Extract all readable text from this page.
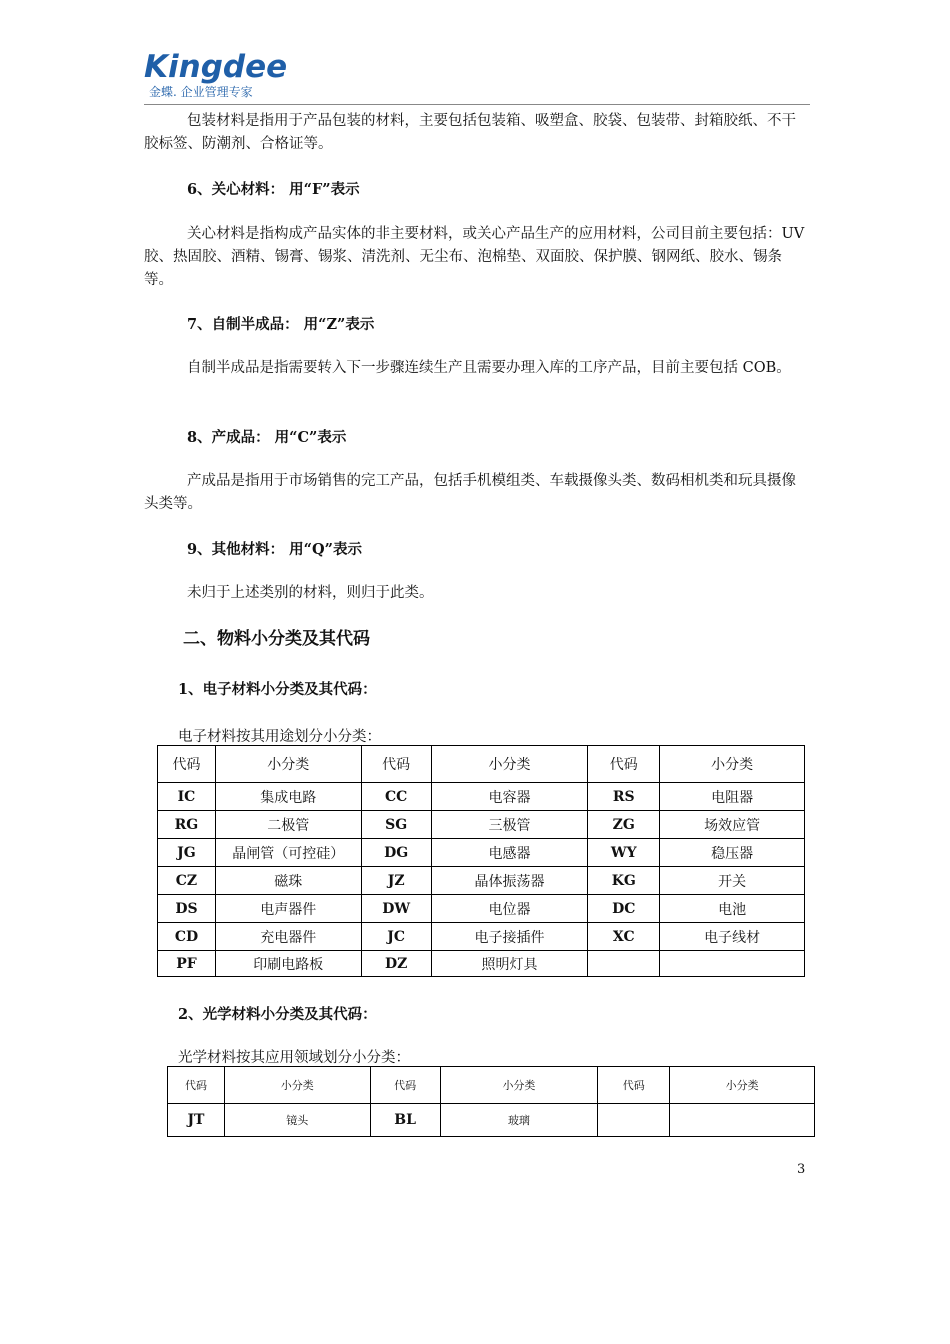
Kingdee
金蝶. 企业管理专家

包装材料是指用于产品包装的材料，主要包括包装箱、吸塑盒、胶袋、包装带、封箱胶纸、不干胶标签、防潮剂、合格证等。

6、关心材料： 用“F”表示

关心材料是指构成产品实体的非主要材料，或关心产品生产的应用材料，公司目前主要包括：UV 胶、热固胶、酒精、锡膏、锡浆、清洗剂、无尘布、泡棉垫、双面胶、保护膜、钢网纸、胶水、锡条等。

7、自制半成品： 用“Z”表示

自制半成品是指需要转入下一步骤连续生产且需要办理入库的工序产品，目前主要包括 COB。

8、产成品： 用“C”表示

产成品是指用于市场销售的完工产品，包括手机模组类、车载摄像头类、数码相机类和玩具摄像头类等。

9、其他材料： 用“Q”表示

未归于上述类别的材料，则归于此类。

二、物料小分类及其代码

1、电子材料小分类及其代码：

电子材料按其用途划分小分类：

代码	小分类	代码	小分类	代码	小分类
IC	集成电路	CC	电容器	RS	电阻器
RG	二极管	SG	三极管	ZG	场效应管
JG	晶闸管（可控硅）	DG	电感器	WY	稳压器
CZ	磁珠	JZ	晶体振荡器	KG	开关
DS	电声器件	DW	电位器	DC	电池
CD	充电器件	JC	电子接插件	XC	电子线材
PF	印刷电路板	DZ	照明灯具		

2、光学材料小分类及其代码：

光学材料按其应用领域划分小分类：

代码	小分类	代码	小分类	代码	小分类
JT	镜头	BL	玻璃		
3
